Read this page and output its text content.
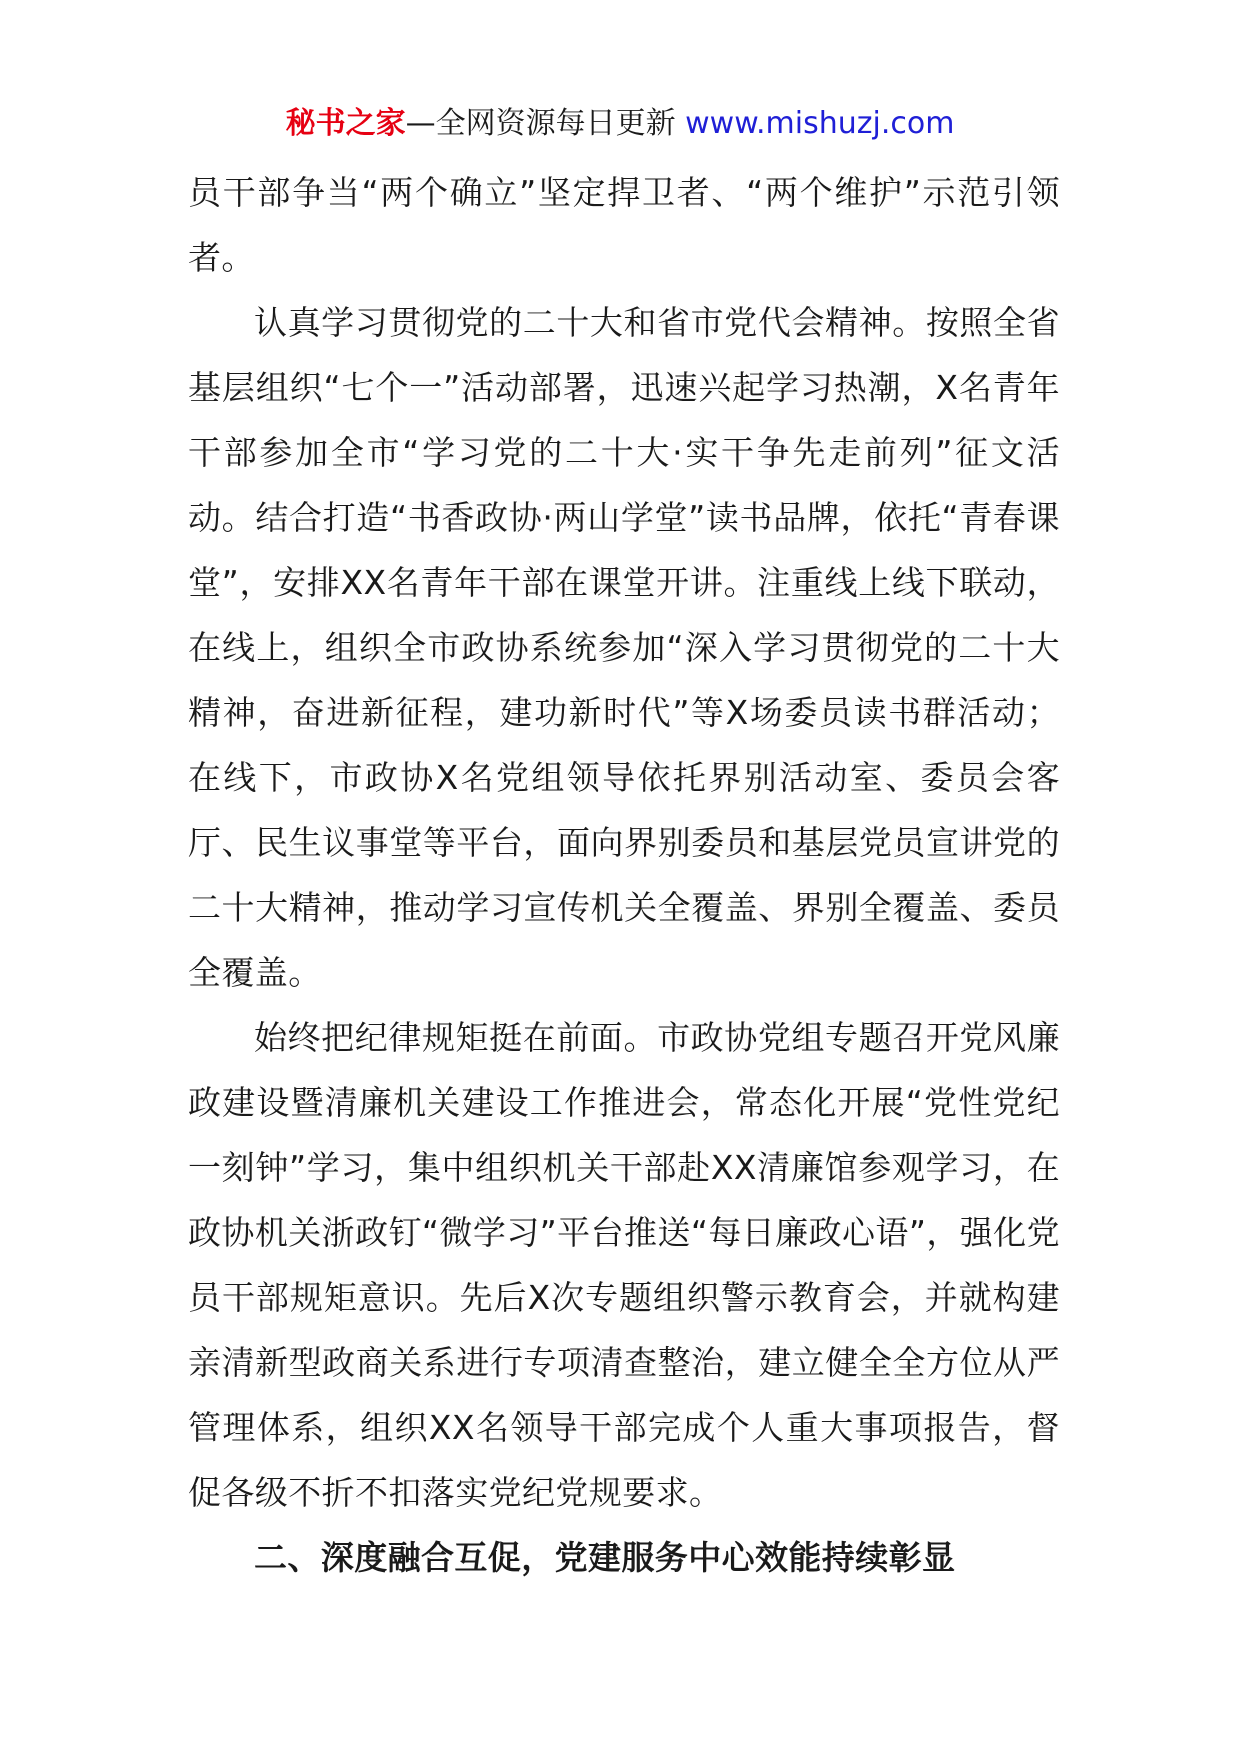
秘书之家—全网资源每日更新 www.mishuzj.com

员干部争当“两个确立”坚定捍卫者、“两个维护”示范引领者。

认真学习贯彻党的二十大和省市党代会精神。按照全省基层组织“七个一”活动部署，迅速兴起学习热潮，X名青年干部参加全市“学习党的二十大·实干争先走前列”征文活动。结合打造“书香政协·两山学堂”读书品牌，依托“青春课堂”，安排XX名青年干部在课堂开讲。注重线上线下联动，在线上，组织全市政协系统参加“深入学习贯彻党的二十大精神，奋进新征程，建功新时代”等X场委员读书群活动；在线下，市政协X名党组领导依托界别活动室、委员会客厅、民生议事堂等平台，面向界别委员和基层党员宣讲党的二十大精神，推动学习宣传机关全覆盖、界别全覆盖、委员全覆盖。

始终把纪律规矩挺在前面。市政协党组专题召开党风廉政建设暨清廉机关建设工作推进会，常态化开展“党性党纪一刻钟”学习，集中组织机关干部赴XX清廉馆参观学习，在政协机关浙政钉“微学习”平台推送“每日廉政心语”，强化党员干部规矩意识。先后X次专题组织警示教育会，并就构建亲清新型政商关系进行专项清查整治，建立健全全方位从严管理体系，组织XX名领导干部完成个人重大事项报告，督促各级不折不扣落实党纪党规要求。

二、深度融合互促，党建服务中心效能持续彰显
